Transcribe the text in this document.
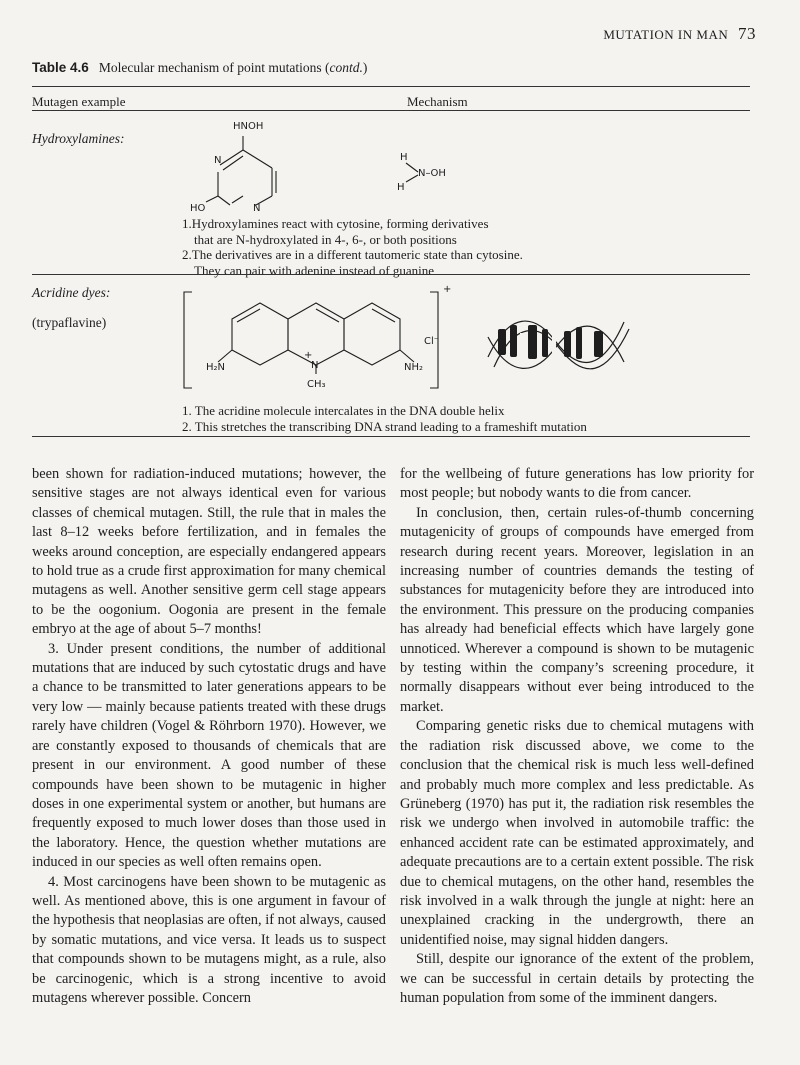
MUTATION IN MAN 73
Table 4.6 Molecular mechanism of point mutations (contd.)
Mutagen example	Mechanism
Hydroxylamines:
HNOH
N
N
HO
H
N–OH
H
1.Hydroxylamines react with cytosine, forming derivatives
that are N-hydroxylated in 4-, 6-, or both positions
2.The derivatives are in a different tautomeric state than cytosine.
They can pair with adenine instead of guanine
Acridine dyes:
(trypaflavine)
H₂N	N
+
CH₃
NH₂
Cl⁻
+
1. The acridine molecule intercalates in the DNA double helix
2. This stretches the transcribing DNA strand leading to a frameshift mutation

been shown for radiation-induced mutations; however, the sensitive stages are not always identical even for various classes of chemical mutagen. Still, the rule that in males the last 8–12 weeks before fertilization, and in females the weeks around conception, are especially endangered appears to hold true as a crude first approximation for many chemical mutagens as well. Another sensitive germ cell stage appears to be the oogonium. Oogonia are present in the female embryo at the age of about 5–7 months!

3. Under present conditions, the number of additional mutations that are induced by such cytostatic drugs and have a chance to be transmitted to later generations appears to be very low — mainly because patients treated with these drugs rarely have children (Vogel & Röhrborn 1970). However, we are constantly exposed to thousands of chemicals that are present in our environment. A good number of these compounds have been shown to be mutagenic in higher doses in one experimental system or another, but humans are frequently exposed to much lower doses than those used in the laboratory. Hence, the question whether mutations are induced in our species as well often remains open.

4. Most carcinogens have been shown to be mutagenic as well. As mentioned above, this is one argument in favour of the hypothesis that neoplasias are often, if not always, caused by somatic mutations, and vice versa. It leads us to suspect that compounds shown to be mutagens might, as a rule, also be carcinogenic, which is a strong incentive to avoid mutagens wherever possible. Concern

for the wellbeing of future generations has low priority for most people; but nobody wants to die from cancer.

In conclusion, then, certain rules-of-thumb concerning mutagenicity of groups of compounds have emerged from research during recent years. Moreover, legislation in an increasing number of countries demands the testing of substances for mutagenicity before they are introduced into the environment. This pressure on the producing companies has already had beneficial effects which have largely gone unnoticed. Wherever a compound is shown to be mutagenic by testing within the company’s screening procedure, it normally disappears without ever being introduced to the market.

Comparing genetic risks due to chemical mutagens with the radiation risk discussed above, we come to the conclusion that the chemical risk is much less well-defined and probably much more complex and less predictable. As Grüneberg (1970) has put it, the radiation risk resembles the risk we undergo when involved in automobile traffic: the enhanced accident rate can be estimated approximately, and adequate precautions are to a certain extent possible. The risk due to chemical mutagens, on the other hand, resembles the risk involved in a walk through the jungle at night: here an unexplained cracking in the undergrowth, there an unidentified noise, may signal hidden dangers.

Still, despite our ignorance of the extent of the problem, we can be successful in certain details by protecting the human population from some of the imminent dangers.
